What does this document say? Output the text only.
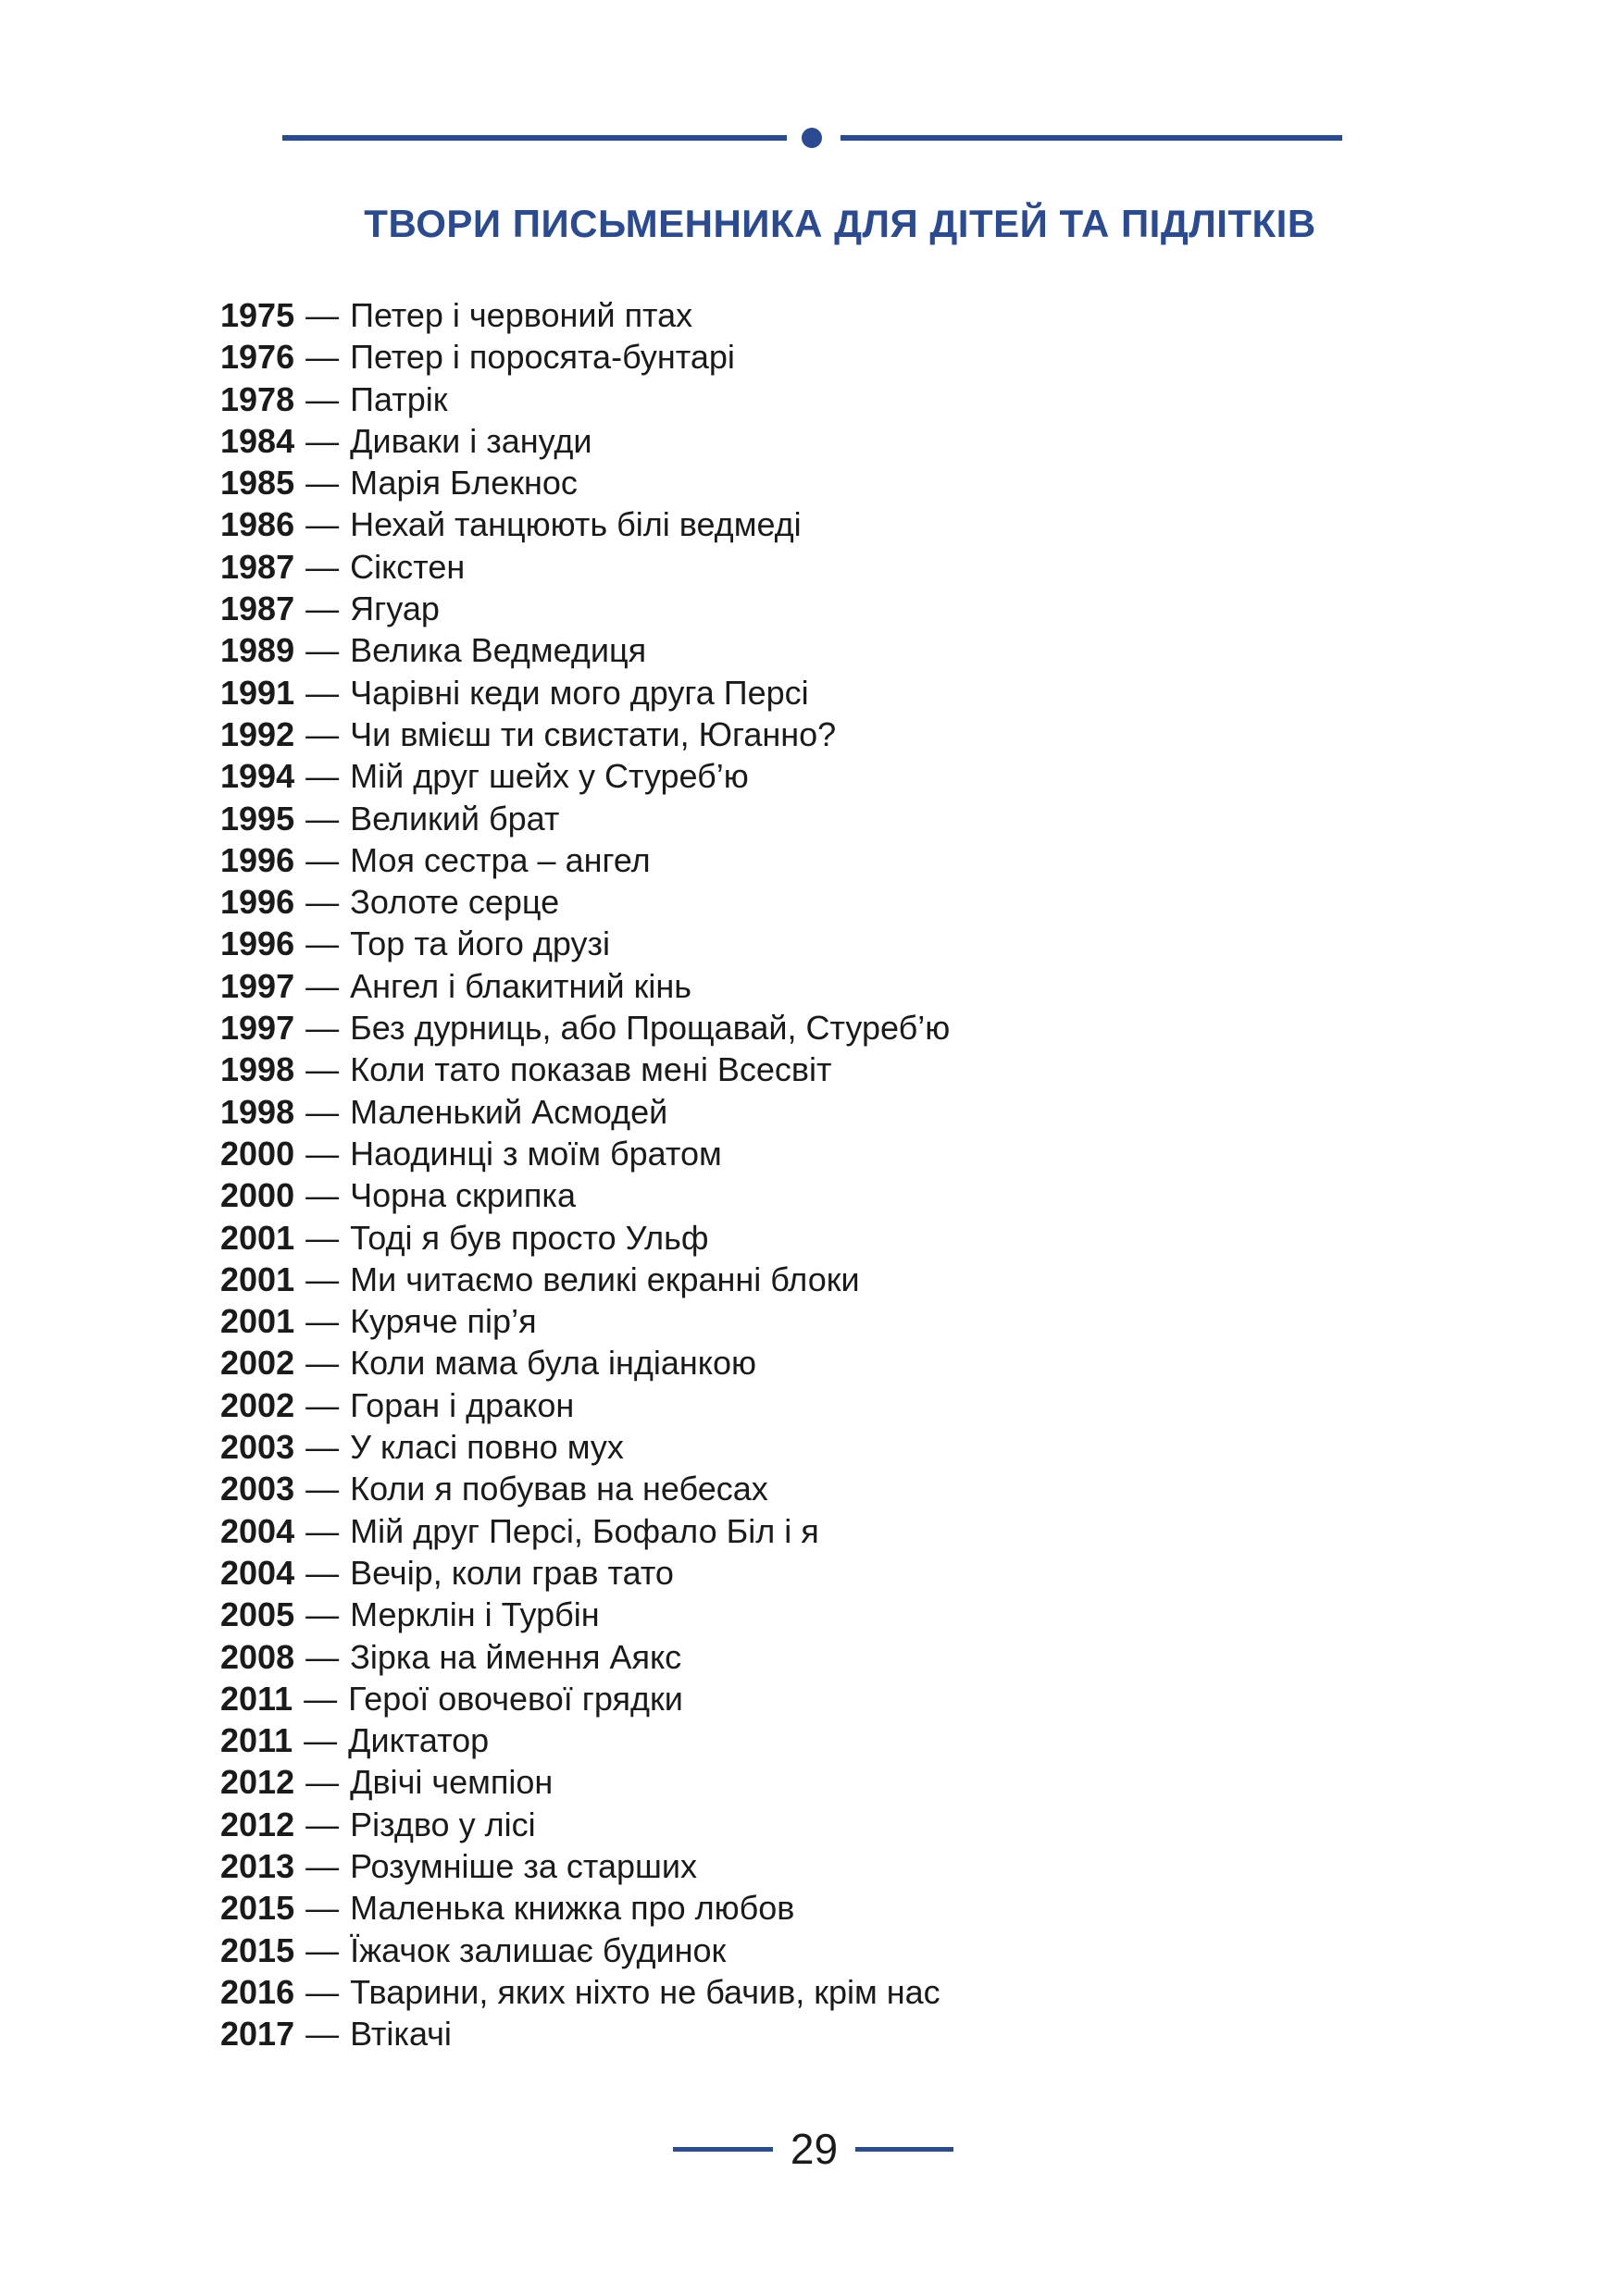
ТВОРИ ПИСЬМЕННИКА ДЛЯ ДІТЕЙ ТА ПІДЛІТКІВ
1975 — Петер і червоний птах
1976 — Петер і поросята-бунтарі
1978 — Патрік
1984 — Диваки і зануди
1985 — Марія Блекнос
1986 — Нехай танцюють білі ведмеді
1987 — Сікстен
1987 — Ягуар
1989 — Велика Ведмедиця
1991 — Чарівні кеди мого друга Персі
1992 — Чи вмієш ти свистати, Юганно?
1994 — Мій друг шейх у Стуреб’ю
1995 — Великий брат
1996 — Моя сестра – ангел
1996 — Золоте серце
1996 — Тор та його друзі
1997 — Ангел і блакитний кінь
1997 — Без дурниць, або Прощавай, Стуреб’ю
1998 — Коли тато показав мені Всесвіт
1998 — Маленький Асмодей
2000 — Наодинці з моїм братом
2000 — Чорна скрипка
2001 — Тоді я був просто Ульф
2001 — Ми читаємо великі екранні блоки
2001 — Куряче пір’я
2002 — Коли мама була індіанкою
2002 — Горан і дракон
2003 — У класі повно мух
2003 — Коли я побував на небесах
2004 — Мій друг Персі, Бофало Біл і я
2004 — Вечір, коли грав тато
2005 — Мерклін і Турбін
2008 — Зірка на ймення Аякс
2011 — Герої овочевої грядки
2011 — Диктатор
2012 — Двічі чемпіон
2012 — Різдво у лісі
2013 — Розумніше за старших
2015 — Маленька книжка про любов
2015 — Їжачок залишає будинок
2016 — Тварини, яких ніхто не бачив, крім нас
2017 — Втікачі
29
